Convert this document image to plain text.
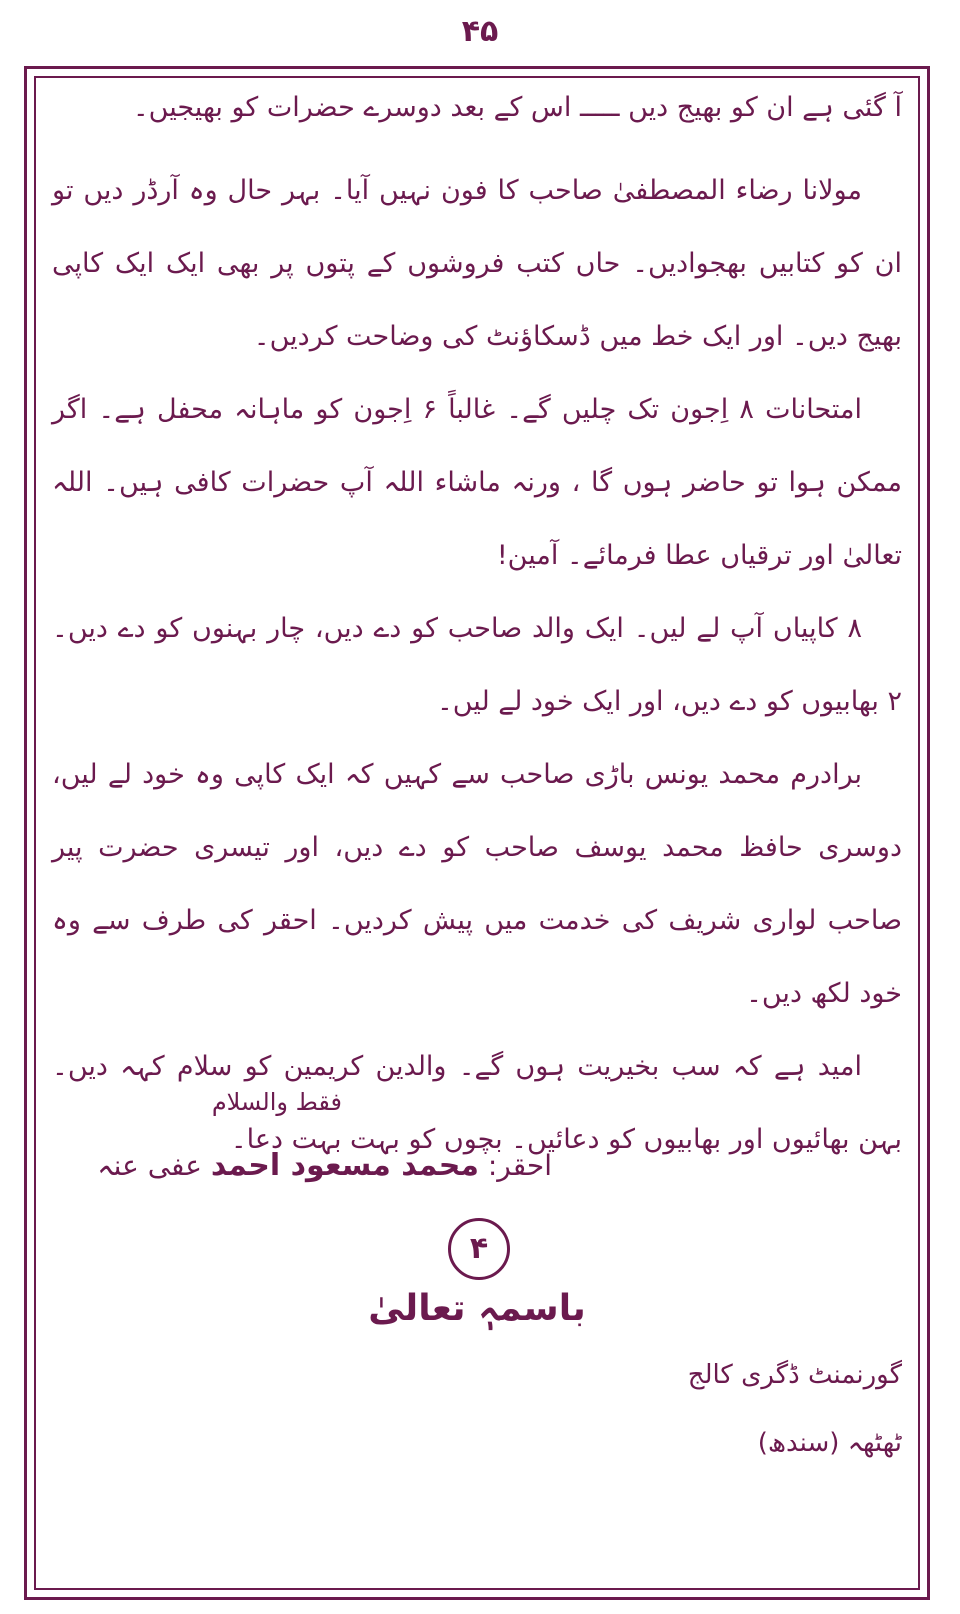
۴۵

آ گئی ہے ان کو بھیج دیں ـــــ اس کے بعد دوسرے حضرات کو بھیجیں۔

مولانا رضاء المصطفیٰ صاحب کا فون نہیں آیا۔ بہر حال وہ آرڈر دیں تو ان کو کتابیں بھجوادیں۔ حاں کتب فروشوں کے پتوں پر بھی ایک ایک کاپی بھیج دیں۔ اور ایک خط میں ڈسکاؤنٹ کی وضاحت کردیں۔

امتحانات ۸ اِجون تک چلیں گے۔ غالباً ۶ اِجون کو ماہانہ محفل ہے۔ اگر ممکن ہوا تو حاضر ہوں گا ، ورنہ ماشاء اللہ آپ حضرات کافی ہیں۔ اللہ تعالیٰ اور ترقیاں عطا فرمائے۔ آمین!

۸ کاپیاں آپ لے لیں۔ ایک والد صاحب کو دے دیں، چار بہنوں کو دے دیں۔ ۲ بھابیوں کو دے دیں، اور ایک خود لے لیں۔

برادرم محمد یونس باڑی صاحب سے کہیں کہ ایک کاپی وہ خود لے لیں، دوسری حافظ محمد یوسف صاحب کو دے دیں، اور تیسری حضرت پیر صاحب لواری شریف کی خدمت میں پیش کردیں۔ احقر کی طرف سے وہ خود لکھ دیں۔

امید ہے کہ سب بخیریت ہوں گے۔ والدین کریمین کو سلام کہہ دیں۔ بہن بھائیوں اور بھابیوں کو دعائیں۔ بچوں کو بہت بہت دعا۔

فقط والسلام
احقر: محمد مسعود احمد عفی عنہ
۴
باسمہٖ تعالیٰ
گورنمنٹ ڈگری کالج
ٹھٹھہ (سندھ)
